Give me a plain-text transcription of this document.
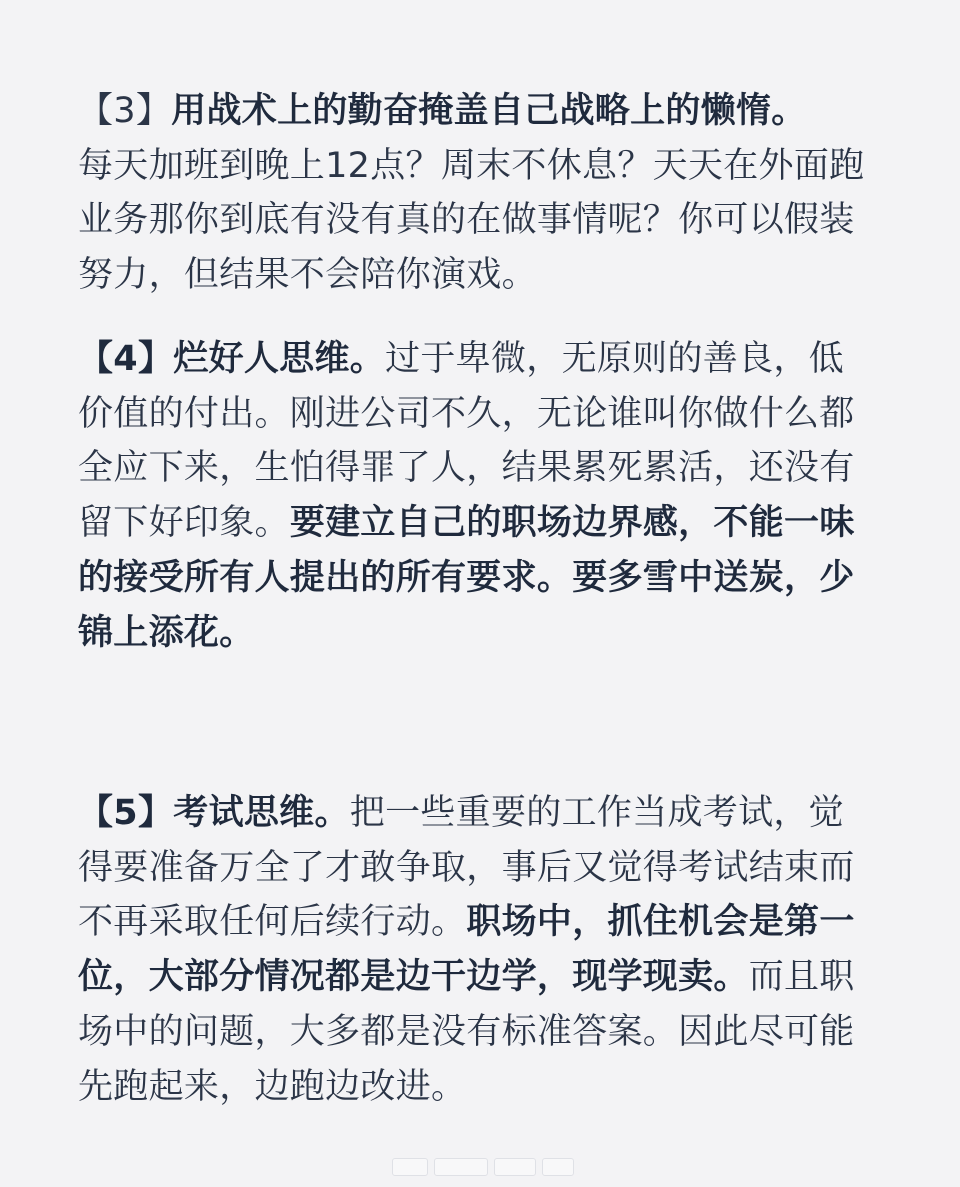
【3】用战术上的勤奋掩盖自己战略上的懒惰。
每天加班到晚上12点？周末不休息？天天在外面跑业务那你到底有没有真的在做事情呢？你可以假装努力，但结果不会陪你演戏。
【4】烂好人思维。过于卑微，无原则的善良，低价值的付出。刚进公司不久，无论谁叫你做什么都全应下来，生怕得罪了人，结果累死累活，还没有留下好印象。要建立自己的职场边界感，不能一味的接受所有人提出的所有要求。要多雪中送炭，少锦上添花。
【5】考试思维。把一些重要的工作当成考试，觉得要准备万全了才敢争取，事后又觉得考试结束而不再采取任何后续行动。职场中，抓住机会是第一位，大部分情况都是边干边学，现学现卖。而且职场中的问题，大多都是没有标准答案。因此尽可能先跑起来，边跑边改进。
